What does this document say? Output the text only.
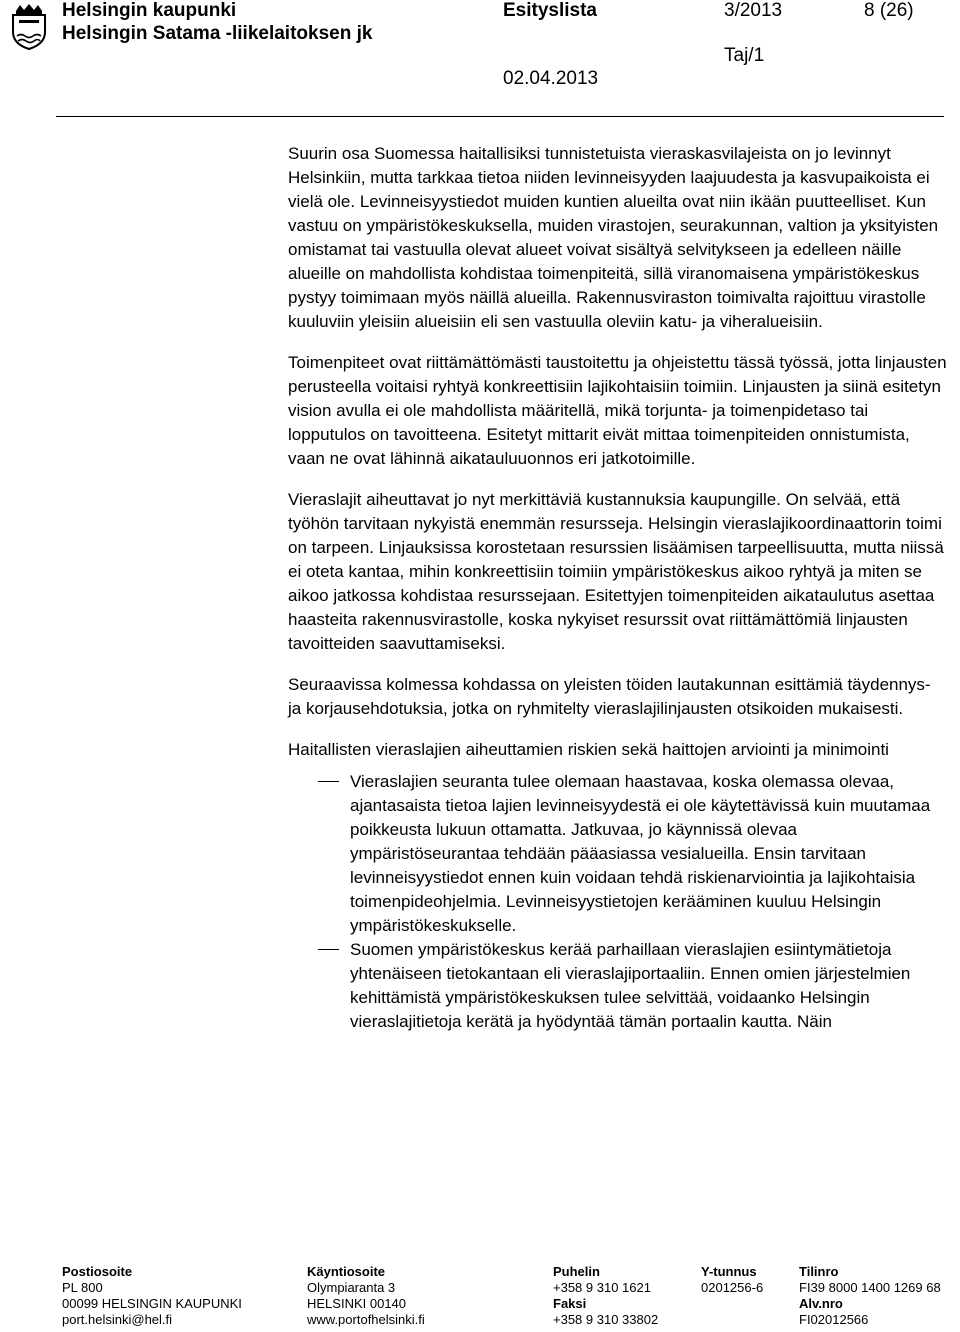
Helsingin kaupunki
Helsingin Satama -liikelaitoksen jk
Esityslista	3/2013	8 (26)
Taj/1
02.04.2013

Suurin osa Suomessa haitallisiksi tunnistetuista vieraskasvilajeista on jo levinnyt Helsinkiin, mutta tarkkaa tietoa niiden levinneisyyden laajuudesta ja kasvupaikoista ei vielä ole. Levinneisyystiedot muiden kuntien alueilta ovat niin ikään puutteelliset. Kun vastuu on ympäristökeskuksella, muiden virastojen, seurakunnan, valtion ja yksityisten omistamat tai vastuulla olevat alueet voivat sisältyä selvitykseen ja edelleen näille alueille on mahdollista kohdistaa toimenpiteitä, sillä viranomaisena ympäristökeskus pystyy toimimaan myös näillä alueilla. Rakennusviraston toimivalta rajoittuu virastolle kuuluviin yleisiin alueisiin eli sen vastuulla oleviin katu- ja viheralueisiin.

Toimenpiteet ovat riittämättömästi taustoitettu ja ohjeistettu tässä työssä, jotta linjausten perusteella voitaisi ryhtyä konkreettisiin lajikohtaisiin toimiin. Linjausten ja siinä esitetyn vision avulla ei ole mahdollista määritellä, mikä torjunta- ja toimenpidetaso tai lopputulos on tavoitteena. Esitetyt mittarit eivät mittaa toimenpiteiden onnistumista, vaan ne ovat lähinnä aikatauluuonnos eri jatkotoimille.

Vieraslajit aiheuttavat jo nyt merkittäviä kustannuksia kaupungille. On selvää, että työhön tarvitaan nykyistä enemmän resursseja. Helsingin vieraslajikoordinaattorin toimi on tarpeen. Linjauksissa korostetaan resurssien lisäämisen tarpeellisuutta, mutta niissä ei oteta kantaa, mihin konkreettisiin toimiin ympäristökeskus aikoo ryhtyä ja miten se aikoo jatkossa kohdistaa resurssejaan. Esitettyjen toimenpiteiden aikataulutus asettaa haasteita rakennusvirastolle, koska nykyiset resurssit ovat riittämättömiä linjausten tavoitteiden saavuttamiseksi.

Seuraavissa kolmessa kohdassa on yleisten töiden lautakunnan esittämiä täydennys- ja korjausehdotuksia, jotka on ryhmitelty vieraslajilinjausten otsikoiden mukaisesti.

Haitallisten vieraslajien aiheuttamien riskien sekä haittojen arviointi ja minimointi

Vieraslajien seuranta tulee olemaan haastavaa, koska olemassa olevaa, ajantasaista tietoa lajien levinneisyydestä ei ole käytettävissä kuin muutamaa poikkeusta lukuun ottamatta. Jatkuvaa, jo käynnissä olevaa ympäristöseurantaa tehdään pääasiassa vesialueilla. Ensin tarvitaan levinneisyystiedot ennen kuin voidaan tehdä riskienarviointia ja lajikohtaisia toimenpideohjelmia. Levinneisyystietojen kerääminen kuuluu Helsingin ympäristökeskukselle.
Suomen ympäristökeskus kerää parhaillaan vieraslajien esiintymätietoja yhtenäiseen tietokantaan eli vieraslajiportaaliin. Ennen omien järjestelmien kehittämistä ympäristökeskuksen tulee selvittää, voidaanko Helsingin vieraslajitietoja kerätä ja hyödyntää tämän portaalin kautta. Näin
Postiosoite
PL 800
00099 HELSINGIN KAUPUNKI
port.helsinki@hel.fi
Käyntiosoite
Olympiaranta 3
HELSINKI 00140
www.portofhelsinki.fi
Puhelin
+358 9 310 1621
Faksi
+358 9 310 33802
Y-tunnus
0201256-6
Tilinro
FI39 8000 1400 1269 68
Alv.nro
FI02012566
